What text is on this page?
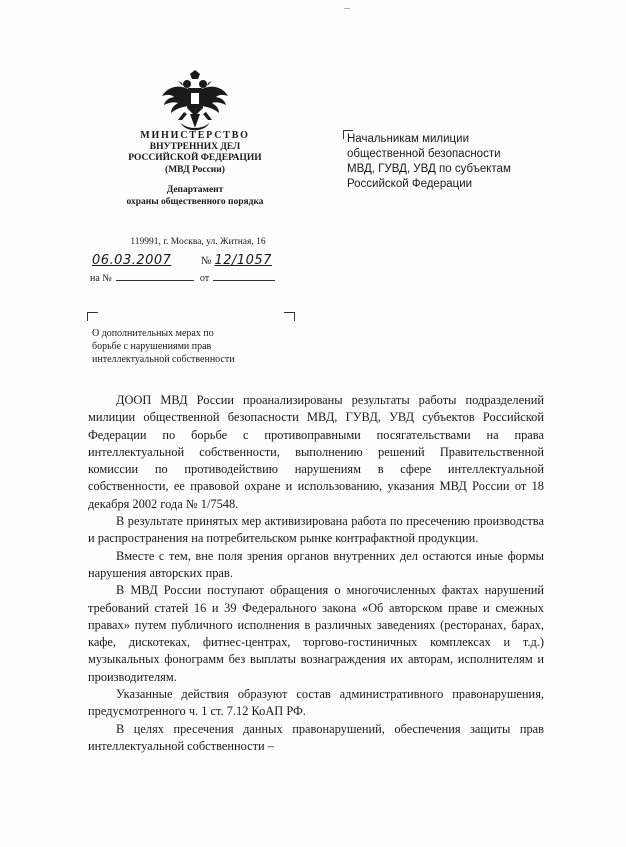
–
МИНИСТЕРСТВО
ВНУТРЕННИХ ДЕЛ
РОССИЙСКОЙ ФЕДЕРАЦИИ
(МВД России)
Департамент
охраны общественного порядка
119991, г. Москва, ул. Житная, 16
06.03.2007	№ 12/1057
на №	от
О дополнительных мерах по
борьбе с нарушениями прав
интеллектуальной собственности
Начальникам милиции
общественной безопасности
МВД, ГУВД, УВД по субъектам
Российской Федерации

ДООП МВД России проанализированы результаты работы подразделений милиции общественной безопасности МВД, ГУВД, УВД субъектов Российской Федерации по борьбе с противоправными посягательствами на права интеллектуальной собственности, выполнению решений Правительственной комиссии по противодействию нарушениям в сфере интеллектуальной собственности, ее правовой охране и использованию, указания МВД России от 18 декабря 2002 года № 1/7548.

В результате принятых мер активизирована работа по пресечению производства и распространения на потребительском рынке контрафактной продукции.

Вместе с тем, вне поля зрения органов внутренних дел остаются иные формы нарушения авторских прав.

В МВД России поступают обращения о многочисленных фактах нарушений требований статей 16 и 39 Федерального закона «Об авторском праве и смежных правах» путем публичного исполнения в различных заведениях (ресторанах, барах, кафе, дискотеках, фитнес-центрах, торгово-гостиничных комплексах и т.д.) музыкальных фонограмм без выплаты вознаграждения их авторам, исполнителям и производителям.

Указанные действия образуют состав административного правонарушения, предусмотренного ч. 1 ст. 7.12 КоАП РФ.

В целях пресечения данных правонарушений, обеспечения защиты прав интеллектуальной собственности –
